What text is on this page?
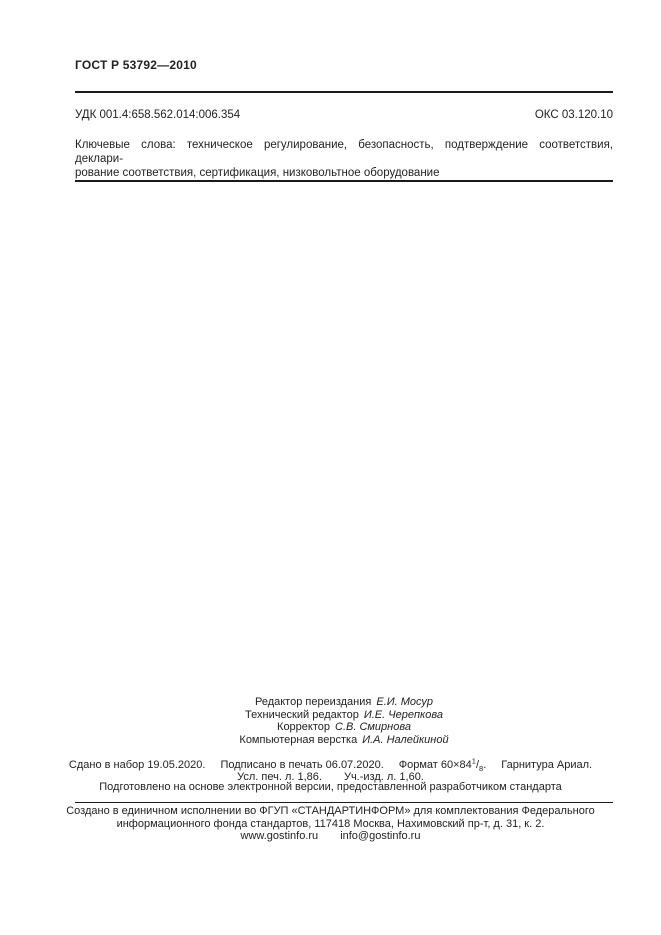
ГОСТ Р 53792—2010
УДК 001.4:658.562.014:006.354	ОКС 03.120.10
Ключевые слова: техническое регулирование, безопасность, подтверждение соответствия, деклари-
рование соответствия, сертификация, низковольтное оборудование
Редактор переиздания Е.И. Мосур
Технический редактор И.Е. Черепкова
Корректор С.В. Смирнова
Компьютерная верстка И.А. Налейкиной
Сдано в набор 19.05.2020. Подписано в печать 06.07.2020. Формат $60\times 84^1/_8$. Гарнитура Ариал.
Усл. печ. л. 1,86. Уч.-изд. л. 1,60.
Подготовлено на основе электронной версии, предоставленной разработчиком стандарта
Создано в единичном исполнении во ФГУП «СТАНДАРТИНФОРМ» для комплектования Федерального
информационного фонда стандартов, 117418 Москва, Нахимовский пр-т, д. 31, к. 2.
www.gostinfo.ru info@gostinfo.ru
